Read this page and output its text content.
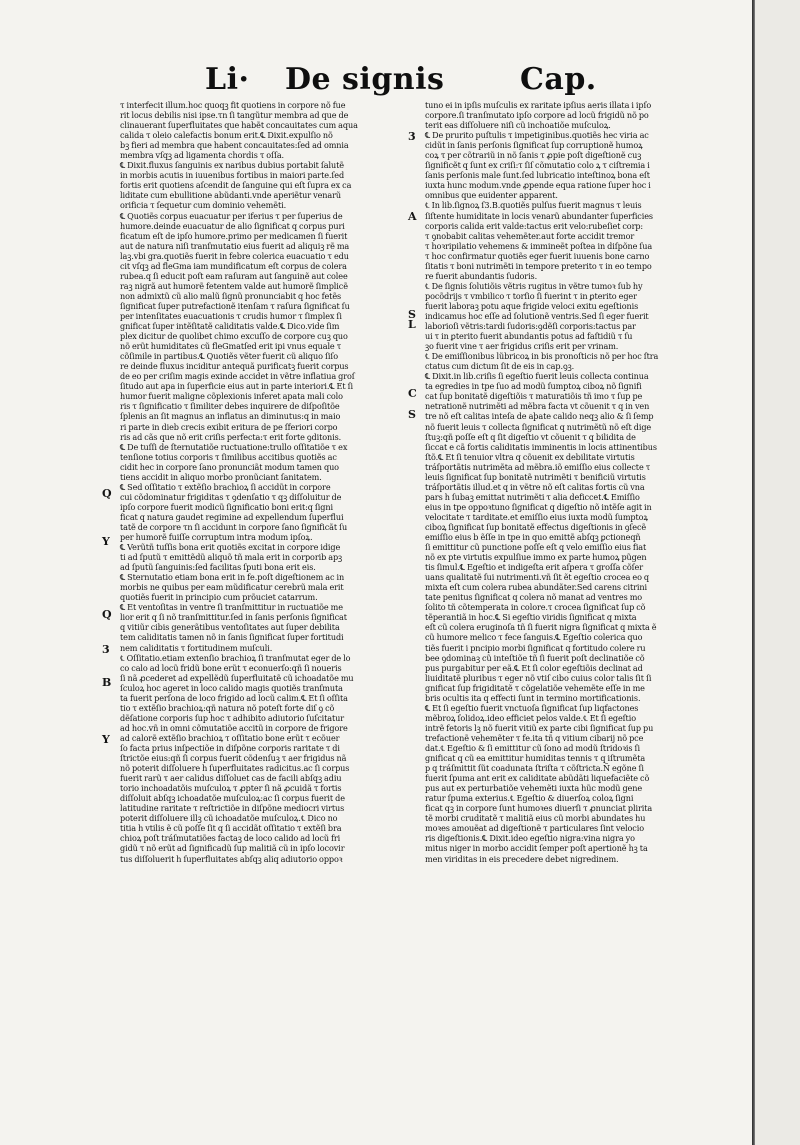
Li· De signis	Cap.
Q
Y
Q
3
B
Y
3
A
S
L
C
S
τ interfecit illum.hoc quoqꝫ fit quotiens in corpore nõ fue
rit locus debilis nisi ipse.τn ſi tangũtur membra ad que de
clinauerant ſuperfluitates que habẽt concauitates cum aqua
calida τ oleio calefactis bonum erit.℄ Dixit.expulſio nõ
bꝫ fieri ad membra que habent concauitates:ſed ad omnia
membra vſqꝫ ad ligamenta chordis τ oſſa.
℄ Dixit.fluxus ſanguinis ex naribus dubius portabit ſalutẽ
in morbis acutis in iuuenibus fortibus in maiori parte.ſed
fortis erit quotiens aſcendit de ſanguine qui eſt ſupra ex ca
liditate cum ebullitione abũdanti.vnde aperiẽtur venarũ
orificia τ ſequetur cum dominio vehemẽti.
℄ Quotiẽs corpus euacuatur per iferius τ per ſuperius de
humore.deinde euacuatur de alio ſignificat q corpus puri
ficatum eſt de ipſo humore.primo per medicamen ſi fuerit
aut de natura niſi tranſmutatio eius fuerit ad aliquiꝫ rẽ ma
laꝫ.vbi gra.quotiẽs fuerit in febre colerica euacuatio τ edu
cit vſqꝫ ad fleGma iam mundificatum eſt corpus de colera
rubea.q ſi educit poſt eam raſuram aut ſanguinẽ aut colee
raꝫ nigrã aut humorẽ fetentem valde aut humorẽ ſimplicẽ
non admixtũ cũ alio malũ ſignũ pronunciabit q hoc fetẽs
ſignificat ſuper putrefactionẽ itenſam τ raſura ſignificat ſu
per intenſitates euacuationis τ crudis humor τ ſimplex ſi
gnificat ſuper intẽſitatẽ caliditatis valde.℄ Dico.vide ſim
plex dicitur de quolibet chimo excuſſo de corpore cuꝫ quo
nõ erũt humiditates cũ fleGmatſed erit ipi vnus equale τ
cõſimile in partibus.℄ Quotiẽs vẽter fuerit cũ aliquo ſiſo
re deinde fluxus inciditur antequã purificatꝫ fuerit corpus
de eo per criſim magis exinde accidet in vẽtre inflatiua groſ
ſitudo aut apa in ſuperficie eius aut in parte interiori.℄ Et ſi
humor fuerit maligne cõplexionis inferet apata mali colo
ris τ ſignificatio τ ſimiliter debes inquirere de diſpoſitõe
ſplenis an ſit magnus an inflatus an diminutus:q in maio
ri parte in dieb crecis exibit eritura de pe ſferiori corpo
ris ad cãs que nõ erit criſis perfecta:τ erit forte ꝯditonis.
℄ De tuſſi de ſternutatiõe ructuatione:trullo oſſitatiõe τ ex
tenſione totius corporis τ ſimilibus accitibus quotiẽs ac
cidit hec in corpore ſano pronunciãt modum tamen quo
tiens accidit in aliquo morbo pronũciant ſanitatem.
℄ Sed oſſitatio τ extẽſio brachioꝝ ſi accidũt in corpore
cui cõdominatur frigiditas τ ꝯdenſatio τ qꝫ diſſoluitur de
ipſo corpore fuerit modicũ ſignificatio boni erit:q ſigni
ficat q natura gaudet regimine ad expellendum ſuperflui
tatẽ de corpore τn ſi accidunt in corpore ſano ſignificãt ſu
per humorẽ fuiſſe corruptum intra modum ipſoꝝ.
℄ Verũtñ tuſſis bona erit quotiẽs excitat in corpore idige
ti ad ſputũ τ emittẽdũ aliquõ tñ mala erit in corporib apꝫ
ad ſputũ ſanguinis:ſed facilitas ſputi bona erit eis.
℄ Sternutatio etiam bona erit in fe.poſt digeſtionem ac in
morbis ne quibus per eam mũdificatur cerebrũ mala erit
quotiẽs fuerit in principio cum prõuciet catarrum.
℄ Et ventoſitas in ventre ſi tranſmittitur in ructuatiõe me
lior erit q ſi nõ tranſmittitur.ſed in ſanis perſonis ſignificat
q vitiũr cibis generãtibus ventoſitates aut ſuper debilita
tem caliditatis tamen nõ in ſanis ſignificat ſuper fortitudi
nem caliditatis τ fortitudinem muſculi.
℄ Oſſitatio.etiam extenſio brachioꝝ ſi tranſmutat eger de lo
co calo ad locũ fridũ bone erũt τ econuerſo:qñ ſi noueris
ſi nã ꝓcederet ad expellẽdũ ſuperfluitatẽ cũ ichoadatõe mu
ſculoꝝ hoc ageret in loco calido magis quotiẽs tranſmuta
ta fuerit perſona de loco frigido ad locũ calim.℄ Et ſi oſſita
tio τ extẽſio brachioꝝ:qñ natura nõ poteſt forte diſ ꝯ cõ
dẽſatione corporis ſup hoc τ adhibito adiutorio ſuſcitatur
ad hoc.vñ in omni cõmutatiõe accitũ in corpore de frigore
ad calorẽ extẽſio brachioꝝ τ oſſitatio bone erũt τ ecõuer
ſo facta prius inſpectiõe in diſpõne corporis raritate τ di
ſtrictõe eius:qñ ſi corpus fuerit cõdenſuꝫ τ aer frigidus nã
nõ poterit diſſoluere h ſuperfluitates radicitus.ac ſi corpus
fuerit rarũ τ aer calidus diſſoluet cas de facili abſqꝫ adiu
torio inchoadatõis muſculoꝝ τ ꝓpter ſi nã ꝓcuidã τ fortis
diſſoluit abſqꝫ ichoadatõe muſculoꝝ:ac ſi corpus fuerit de
latitudine raritate τ reſtrictiõe in diſpõne mediocri virtus
poterit diſſoluere illꝫ cũ ichoadatõe muſculoꝝ.℄ Dico no
titia h vtilis ẽ cũ poſſe ſit q ſi accidãt oſſitatio τ extẽſi bra
chioꝝ poſt tráſmutatiões factaꝫ de loco calido ad locũ fri
gidũ τ nõ erũt ad ſignificadũ ſup malitiã cũ in ipſo locovir
tus diſſoluerit h ſuperfluitates abſqꝫ aliq adiutorio oppoꝛ
tuno ei in ipſis muſculis ex raritate ipſius aeris illata i ipſo
corpore.ſi tranſmutato ipſo corpore ad locũ frigidũ nõ po
terit eas diſſoluere niſi cũ inchoatiõe muſculoꝝ.
℄ De prurito puſtulis τ impetiginibus.quotiẽs hec viria ac
cidũt in ſanis perſonis ſignificat ſup corruptionẽ humoꝝ
coꝝ τ per cõtrariũ in nõ ſanis τ ꝓpie poſt digeſtionẽ cuꝫ
ſignificẽt q ſunt ex criſi:τ ſiſ cõmutatio colo ꝝ τ ciſtremia i
ſanis perſonis male ſunt.ſed lubricatio inteſtinoꝝ bona eſt
iuxta hunc modum.vnde ꝓpende equa ratione ſuper hoc i
omnibus que euidenter apparent.
℄ In lib.ſignoꝝ ſ3.B.quotiẽs pulſus fuerit magnus τ leuis
ſiſtente humiditate in locis venarũ abundanter ſuperficies
corporis calida erit valde:tactus erit velo:rubeſiet corp:
τ ꝯnobabit calitas vehemẽter.aut forte accidit tremor
τ hoꝛripilatio vehemens & immineẽt poſtea in diſpõne ſua
τ hoc confirmatur quotiẽs eger fuerit iuuenis bone carno
ſitatis τ boni nutrimẽti in tempore preterito τ in eo tempo
re fuerit abundantis ſudoris.
℄ De ſignis ſolutiõis vẽtris rugitus in vẽtre tumoꝛ ſub hy
pocõdrijs τ vmbilico τ torſio ſi fuerint τ in ꝑterito eger
fuerit laboraꝫ potu aque frigide veloci exitu egeſtionis
indicamus hoc eſſe ad ſolutionẽ ventris.Sed ſi eger fuerit
laborioſi vẽtris:tardi ſudoris:ꝯdẽſi corporis:tactus par
ui τ in ꝑterito fuerit abundantis potus ad faſtidiũ τ ſu
ꝫo fuerit vine τ aer frigidus criſis erit per vrinam.
℄ De emiſſionibus lũbricoꝝ in bis pronoſticis nõ per hoc ſtra
ctatus cum dictum ſit de eis in cap.ꝯꝫ.
℄ Dixit.in lib.criſis ſi egeſtio fuerit leuis collecta continua
ta egredies in tpe ſuo ad modũ ſumptoꝝ ciboꝝ nõ ſignifi
cat ſup bonitatẽ digeſtiõis τ maturatiõis tñ imo τ ſup pe
netrationẽ nutrimẽti ad mẽbra facta vt cõuenit τ q in ven
tre nõ eſt calitas inteſa de aþate calido neqꝫ alio & ſi ſemp
nõ fuerit leuis τ collecta ſignificat q nutrimẽtũ nõ eſt dige
ſtuꝫ:qñ poſſe eſt q ſit digeſtio vt cõuenit τ q bilidita de
ſiccat e cã fortis caliditatis imminentis in locis attinentibus
ſtõ.℄ Et ſi tenuior vltra q cõuenit ex debilitate virtutis
tráſportãtis nutrimẽta ad mẽbra.iõ emiſſio eius collecte τ
leuis ſignificat ſup bonitatẽ nutrimẽti τ benificiũ virtutis
tráſportãtis illud.et q in vẽtre nõ eſt calitas fortis cũ vna
pars h ſubaꝫ emittat nutrimẽti τ alia deficcet.℄ Emiſſio
eius in tpe oppoꝛtuno ſignificat q digeſtio nõ intẽſe agit in
velocitate τ tarditate.et emiſſio eius iuxta modũ ſumptoꝝ
ciboꝝ ſignificat ſup bonitatẽ effectus digeſtionis in ꝯſecẽ
emiſſio eius b ẽſſe in tpe in quo emittẽ abſqꝫ ꝑctioneqñ
ſi emittitur cũ punctione poſſe eſt q velo emiſſio eius fiat
nõ ex pte virtutis expulſiue immo ex parte humoꝝ pũgen
tis ſimul.℄ Egeſtio et indigeſta erit aſpera τ groſſa cõſer
uans qualitatẽ ſui nutrimenti.vñ ſit ẽt egeſtio crocea eo q
mixta eſt cum colera rubea abundãter.Sed carens citrini
tate penitus ſignificat q colera nõ manat ad ventres mo
ſolito tñ cõtemperata in colore.τ crocea ſignificat ſup cõ
tẽperantiã in hoc.℄ Si egeſtio viridis ſignificat q mixta
eſt cũ colera eruginoſa tñ ſi fuerit nigra ſignificat q mixta ẽ
cũ humore melico τ fece ſanguis.℄ Egeſtio colerica quo
tiẽs fuerit i pncipio morbi ſignificat q fortitudo colere ru
bee ꝯdominaꝫ cũ inteſtiõe tñ ſi fuerit poſt declinatiõe cõ
pus purgabitur per eã.℄ Et ſi color egeſtiõis declinat ad
liuiditatẽ pluribus τ eger nõ vtiſ cibo cuius color talis ſit ſi
gnificat ſup frigiditatẽ τ cõgelatiõe vehemẽte eſſe in me
bris ocultis ita q effecti ſunt in termino mortificationis.
℄ Et ſi egeſtio fuerit vnctuoſa ſignificat ſup liqfactones
mẽbroꝝ ſolidoꝝ.ideo efficiet pelos valde.℄ Et ſi egeſtio
intrẽ fetoris lꝫ nõ fuerit vitiũ ex parte cibi ſignificat ſup pu
trefactionẽ vehemẽter τ fe.ita tñ q vitium cibarij nõ pce
dat.℄ Egeſtio & ſi emittitur cũ ſono ad modũ ſtridoꝛis ſi
gnificat q cũ ea emittitur humiditas tennis τ q iſtrumẽta
p q tráſmittit ſũt coadunata ſtriſta τ cõſtricta.Ñ egõne ſi
fuerit ſpuma ant erit ex caliditate abũdãti liquefaciẽte cõ
pus aut ex perturbatiõe vehemẽti iuxta hũc modũ gene
ratur ſpuma exterius.℄ Egeſtio & diuerſoꝝ coloꝝ ſigni
ficat qꝫ in corpore ſunt humoꝛes diuerſi τ ꝓnunciat plirita
tẽ morbi cruditatẽ τ malitiã eius cũ morbi abundates hu
moꝛes amouẽat ad digeſtionẽ τ particulares ſint velocio
ris digeſtionis.℄ Dixit.ideo egeſtio nigra:vina nigra yo
mitus niger in morbo accidit ſemper poſt apertionẽ hꝫ ta
men viriditas in eis precedere debet nigredinem.
